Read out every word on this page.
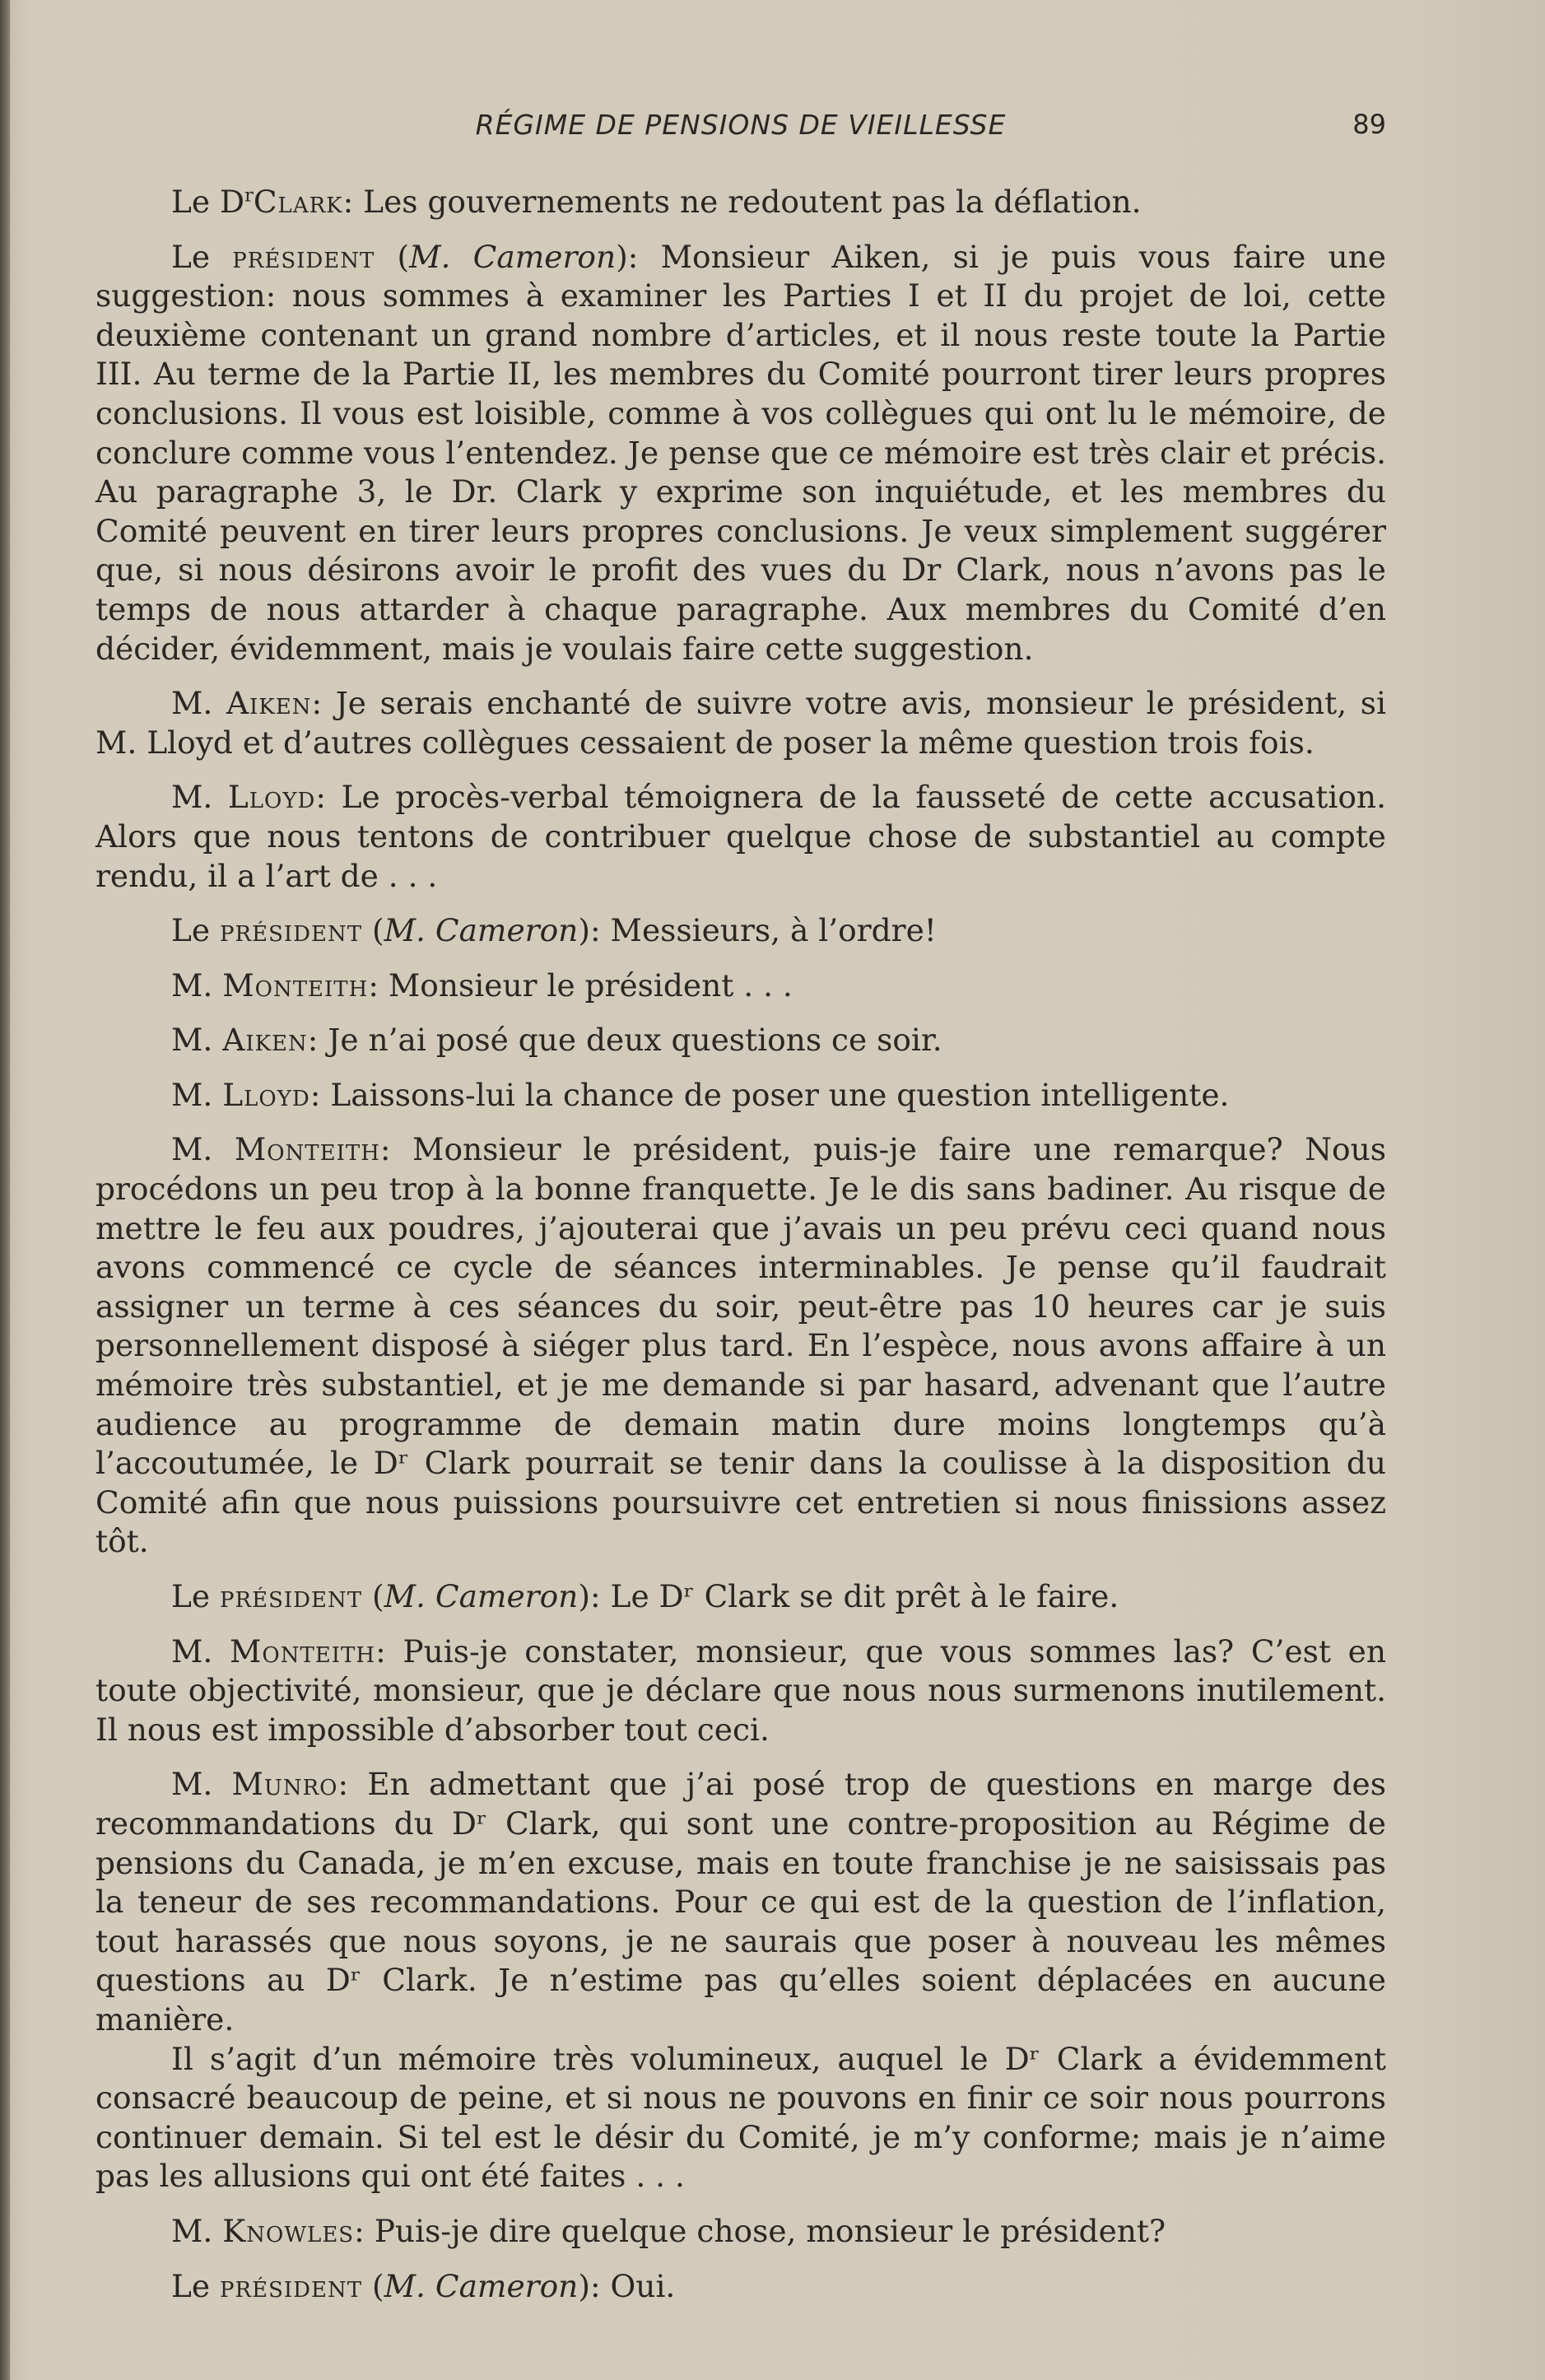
RÉGIME DE PENSIONS DE VIEILLESSE	89

Le $D^rClark$: Les gouvernements ne redoutent pas la déflation.

Le président (M. Cameron): Monsieur Aiken, si je puis vous faire une suggestion: nous sommes à examiner les Parties I et II du projet de loi, cette deuxième contenant un grand nombre d’articles, et il nous reste toute la Partie III. Au terme de la Partie II, les membres du Comité pourront tirer leurs propres conclusions. Il vous est loisible, comme à vos collègues qui ont lu le mémoire, de conclure comme vous l’entendez. Je pense que ce mémoire est très clair et précis. Au paragraphe 3, le Dr. Clark y exprime son inquiétude, et les membres du Comité peuvent en tirer leurs propres conclusions. Je veux simplement suggérer que, si nous désirons avoir le profit des vues du Dr Clark, nous n’avons pas le temps de nous attarder à chaque paragraphe. Aux membres du Comité d’en décider, évidemment, mais je voulais faire cette suggestion.

M. Aiken: Je serais enchanté de suivre votre avis, monsieur le président, si M. Lloyd et d’autres collègues cessaient de poser la même question trois fois.

M. Lloyd: Le procès-verbal témoignera de la fausseté de cette accusation. Alors que nous tentons de contribuer quelque chose de substantiel au compte rendu, il a l’art de . . .

Le président (M. Cameron): Messieurs, à l’ordre!

M. Monteith: Monsieur le président . . .

M. Aiken: Je n’ai posé que deux questions ce soir.

M. Lloyd: Laissons-lui la chance de poser une question intelligente.

M. Monteith: Monsieur le président, puis-je faire une remarque? Nous procédons un peu trop à la bonne franquette. Je le dis sans badiner. Au risque de mettre le feu aux poudres, j’ajouterai que j’avais un peu prévu ceci quand nous avons commencé ce cycle de séances interminables. Je pense qu’il faudrait assigner un terme à ces séances du soir, peut-être pas 10 heures car je suis personnellement disposé à siéger plus tard. En l’espèce, nous avons affaire à un mémoire très substantiel, et je me demande si par hasard, advenant que l’autre audience au programme de demain matin dure moins longtemps qu’à l’accoutumée, le Dʳ Clark pourrait se tenir dans la coulisse à la disposition du Comité afin que nous puissions poursuivre cet entretien si nous finissions assez tôt.

Le président (M. Cameron): Le Dʳ Clark se dit prêt à le faire.

M. Monteith: Puis-je constater, monsieur, que vous sommes las? C’est en toute objectivité, monsieur, que je déclare que nous nous surmenons inutilement. Il nous est impossible d’absorber tout ceci.

M. Munro: En admettant que j’ai posé trop de questions en marge des recommandations du Dʳ Clark, qui sont une contre-proposition au Régime de pensions du Canada, je m’en excuse, mais en toute franchise je ne saisissais pas la teneur de ses recommandations. Pour ce qui est de la question de l’inflation, tout harassés que nous soyons, je ne saurais que poser à nouveau les mêmes questions au Dʳ Clark. Je n’estime pas qu’elles soient déplacées en aucune manière.

Il s’agit d’un mémoire très volumineux, auquel le Dʳ Clark a évidemment consacré beaucoup de peine, et si nous ne pouvons en finir ce soir nous pourrons continuer demain. Si tel est le désir du Comité, je m’y conforme; mais je n’aime pas les allusions qui ont été faites . . .

M. Knowles: Puis-je dire quelque chose, monsieur le président?

Le président (M. Cameron): Oui.
